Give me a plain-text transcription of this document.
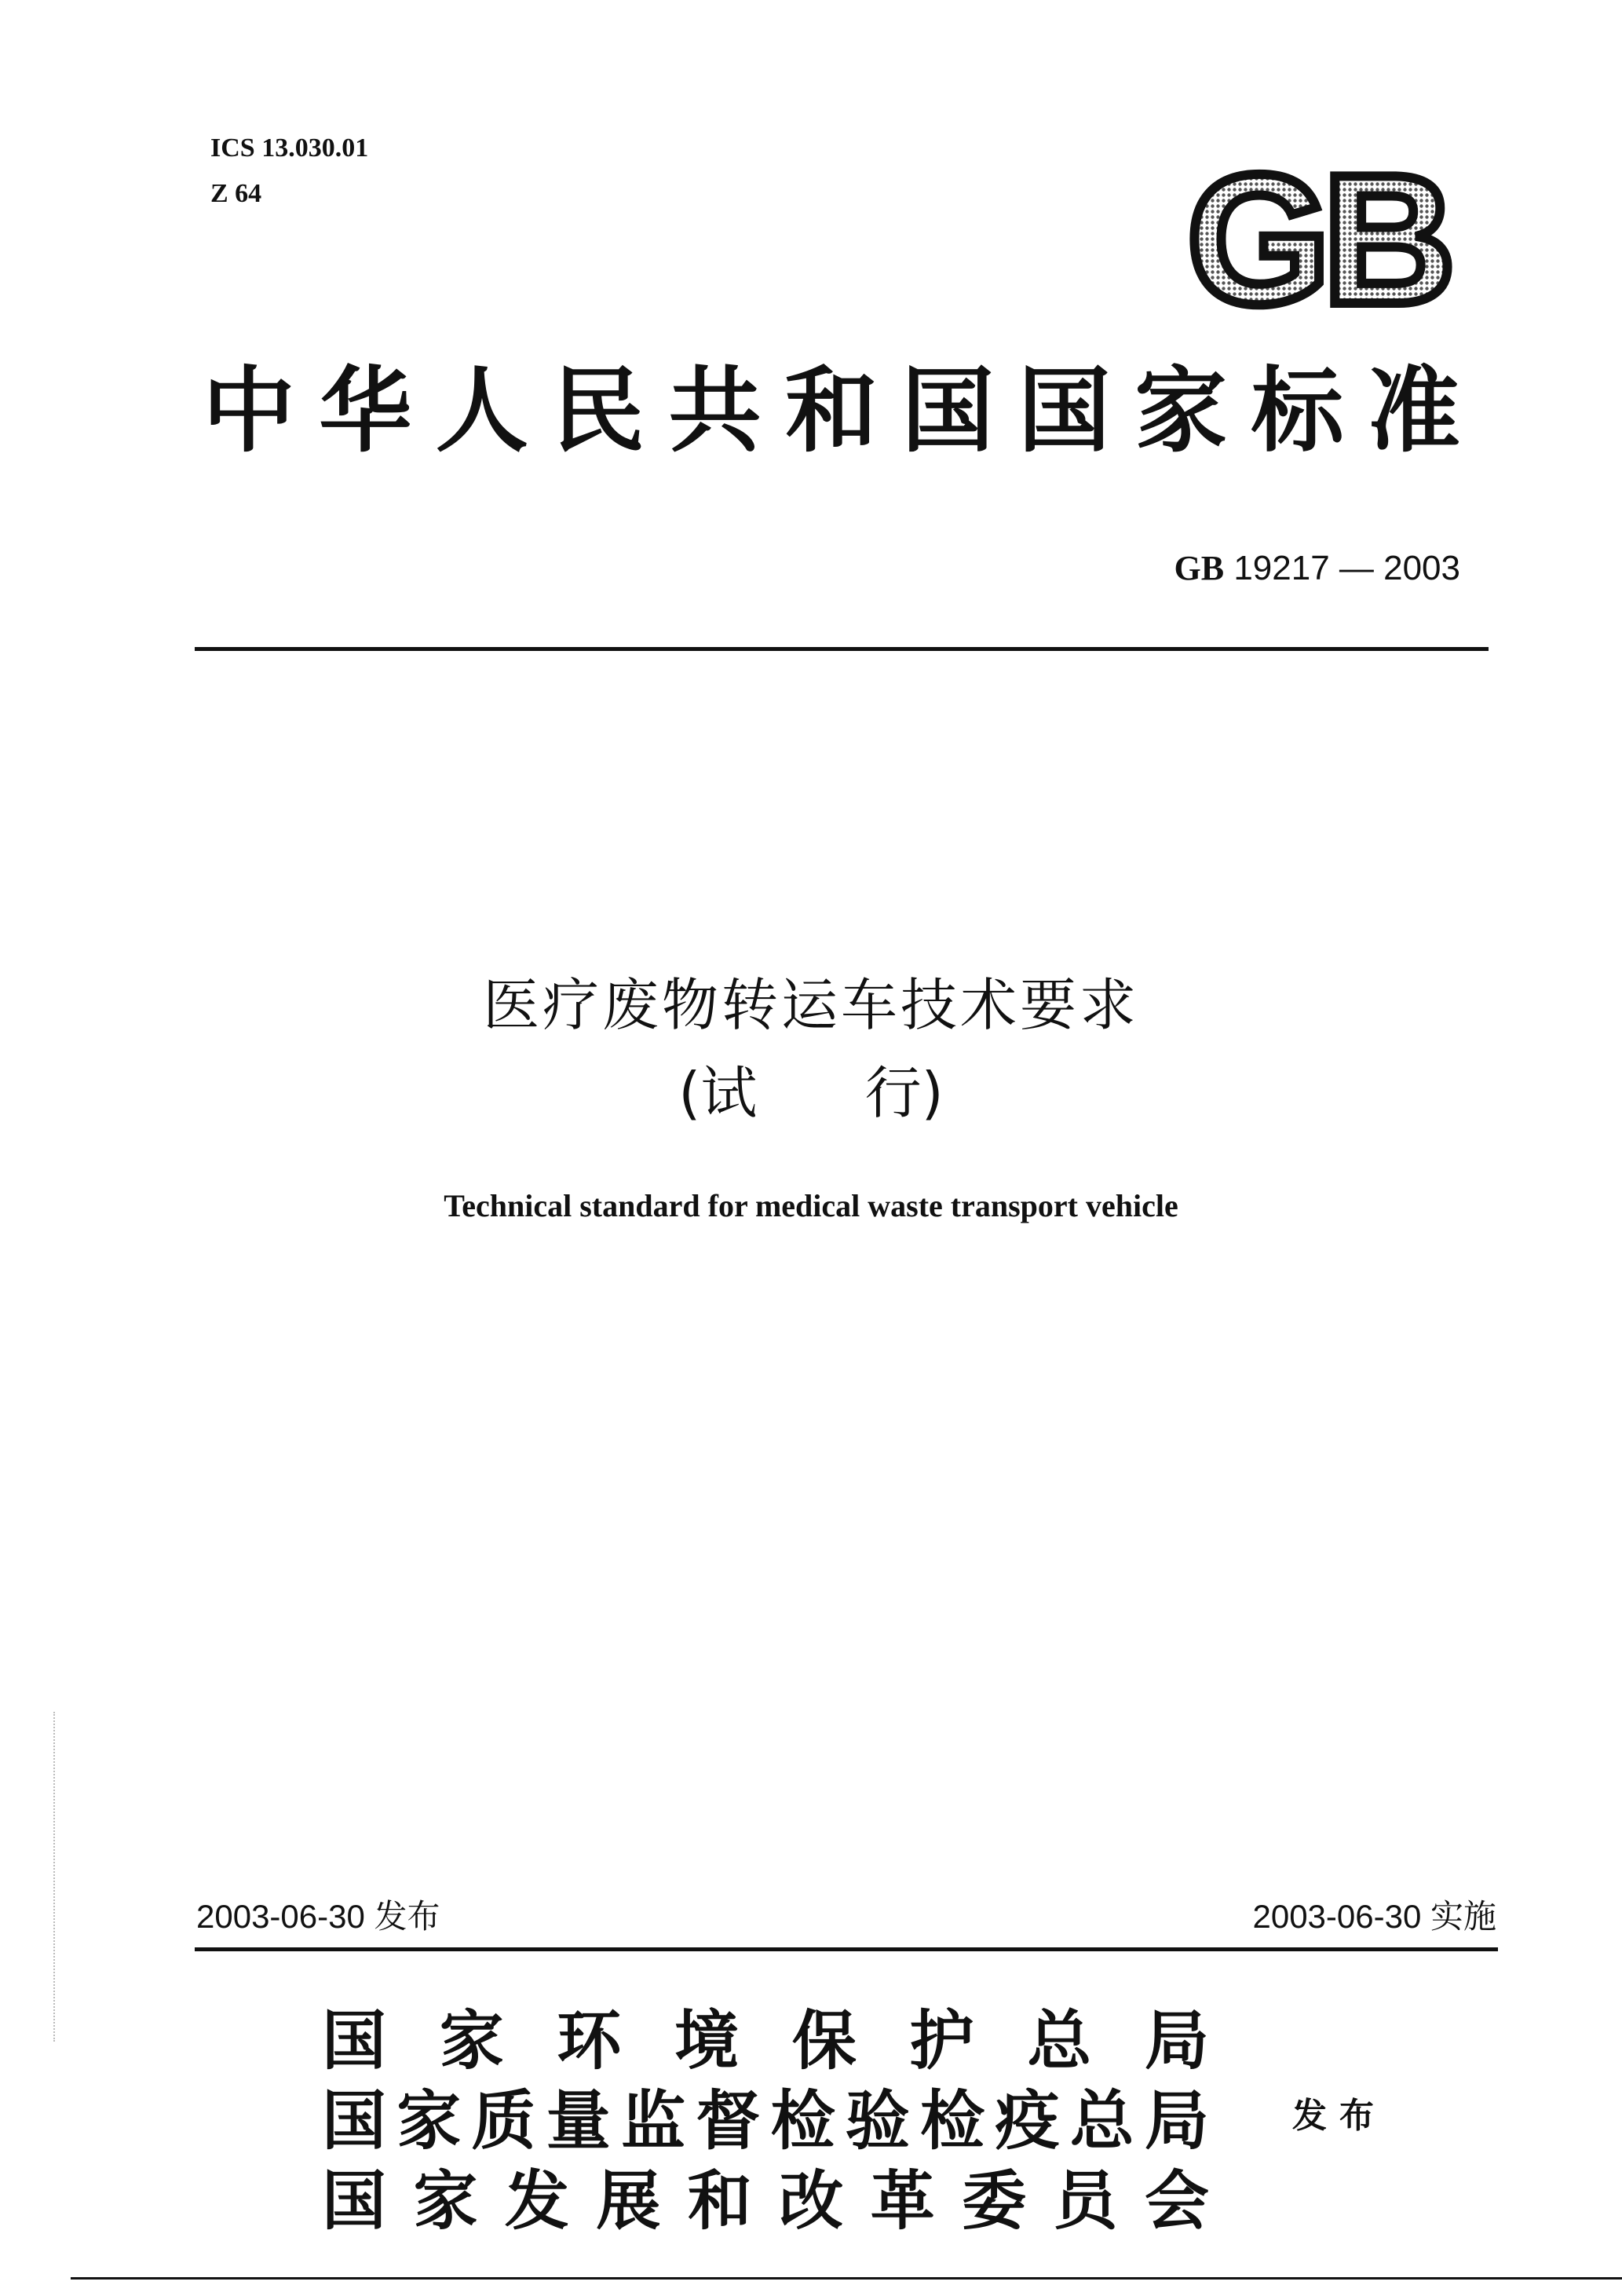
ICS 13.030.01
Z 64	GB
中 华 人 民 共 和 国 国 家 标 准
GB 19217 — 2003
医疗废物转运车技术要求
(试      行)
Technical standard for medical waste transport vehicle
2003-06-30 发布	2003-06-30 实施
国 家 环 境 保 护 总 局
国 家 质 量 监 督 检 验 检 疫 总 局
国 家 发 展 和 改 革 委 员 会
发布
